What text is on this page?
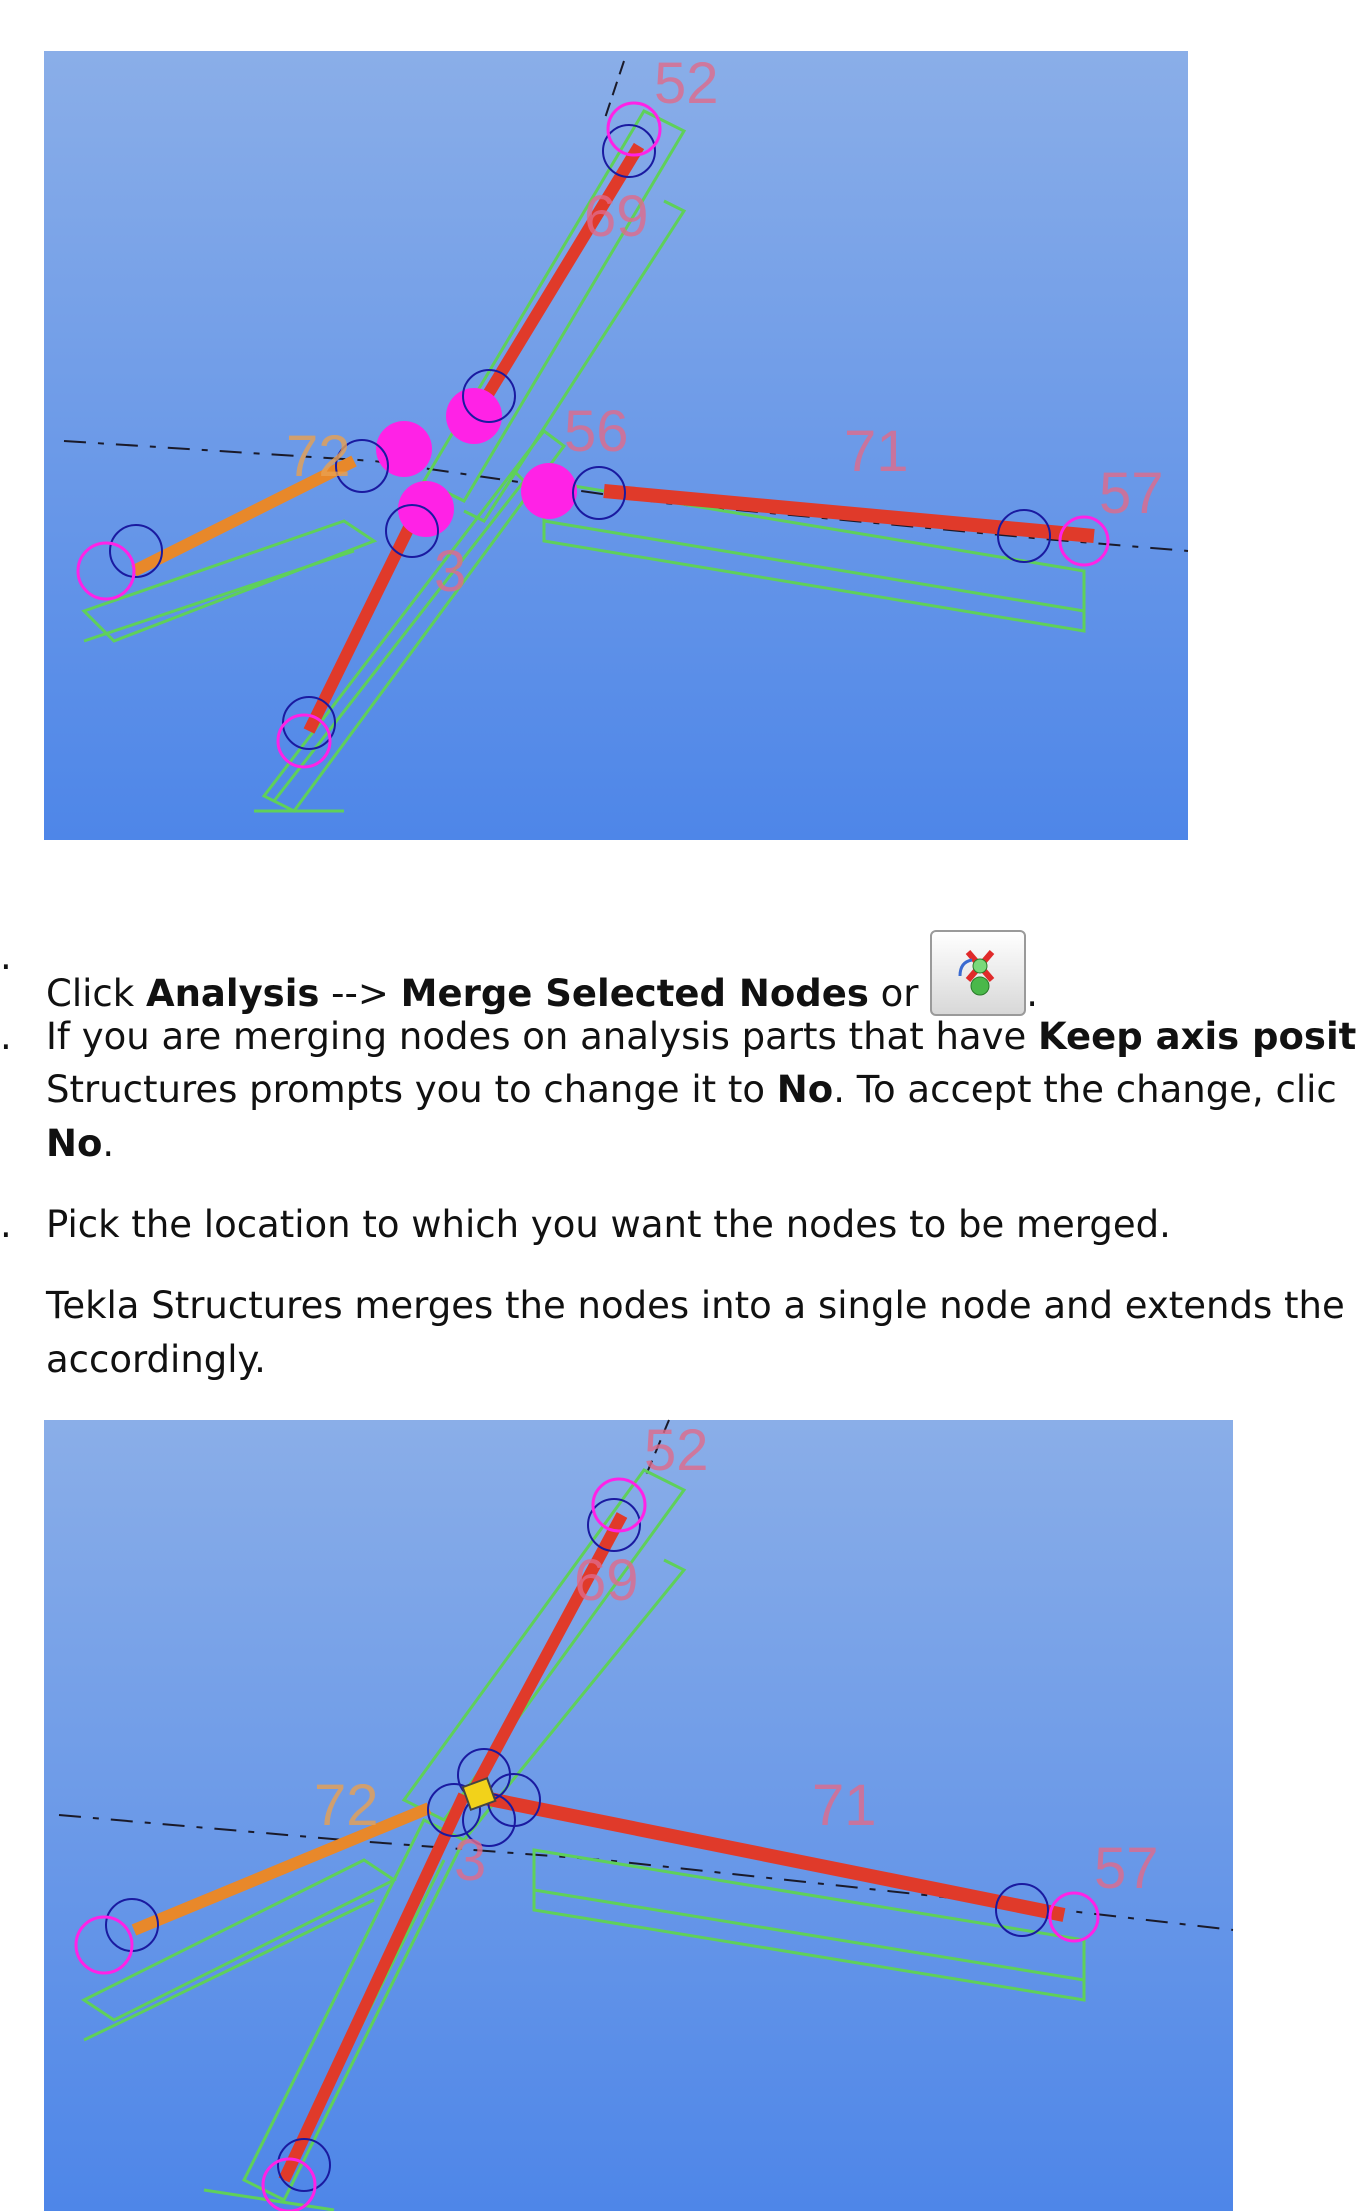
52
69
72	56	71
57
3
.
Click Analysis --> Merge Selected Nodes or	.
. If you are merging nodes on analysis parts that have Keep axis posit
Structures prompts you to change it to No. To accept the change, clic
No.
. Pick the location to which you want the nodes to be merged.
Tekla Structures merges the nodes into a single node and extends the
accordingly.
52
69
72	71
57
3
